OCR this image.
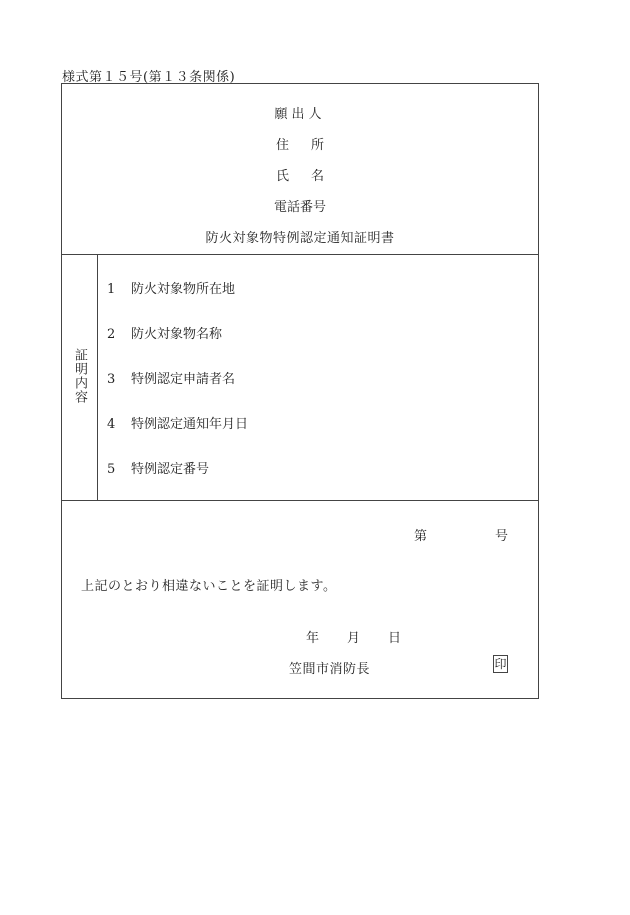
様式第１５号(第１３条関係)
願出人
住所
氏名
電話番号
防火対象物特例認定通知証明書
証明内容
1 防火対象物所在地
2 防火対象物名称
3 特例認定申請者名
4 特例認定通知年月日
5 特例認定番号
第	号
上記のとおり相違ないことを証明します。
年 月 日
笠間市消防長	印
